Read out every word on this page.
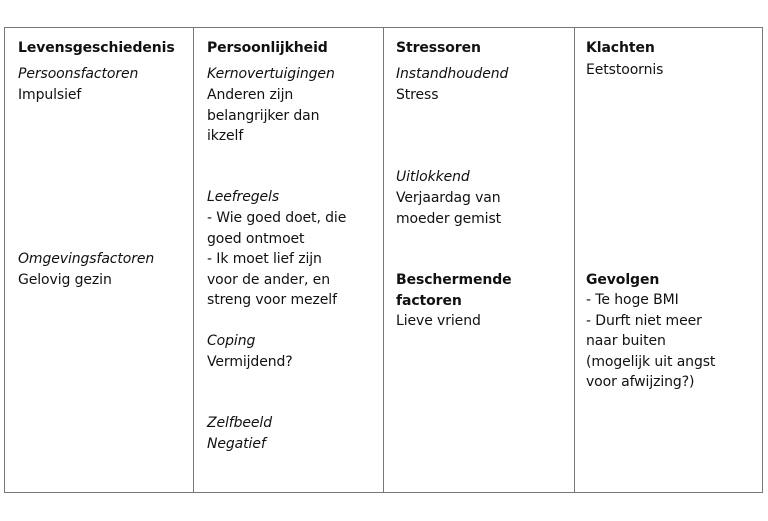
Levensgeschiedenis
Persoonsfactoren
Impulsief
Omgevingsfactoren
Gelovig gezin
Persoonlijkheid
Kernovertuigingen
Anderen zijn
belangrijker dan
ikzelf
Leefregels
- Wie goed doet, die
goed ontmoet
- Ik moet lief zijn
voor de ander, en
streng voor mezelf
Coping
Vermijdend?
Zelfbeeld
Negatief
Stressoren
Instandhoudend
Stress
Uitlokkend
Verjaardag van
moeder gemist
Beschermende
factoren
Lieve vriend
Klachten
Eetstoornis
Gevolgen
- Te hoge BMI
- Durft niet meer
naar buiten
(mogelijk uit angst
voor afwijzing?)
